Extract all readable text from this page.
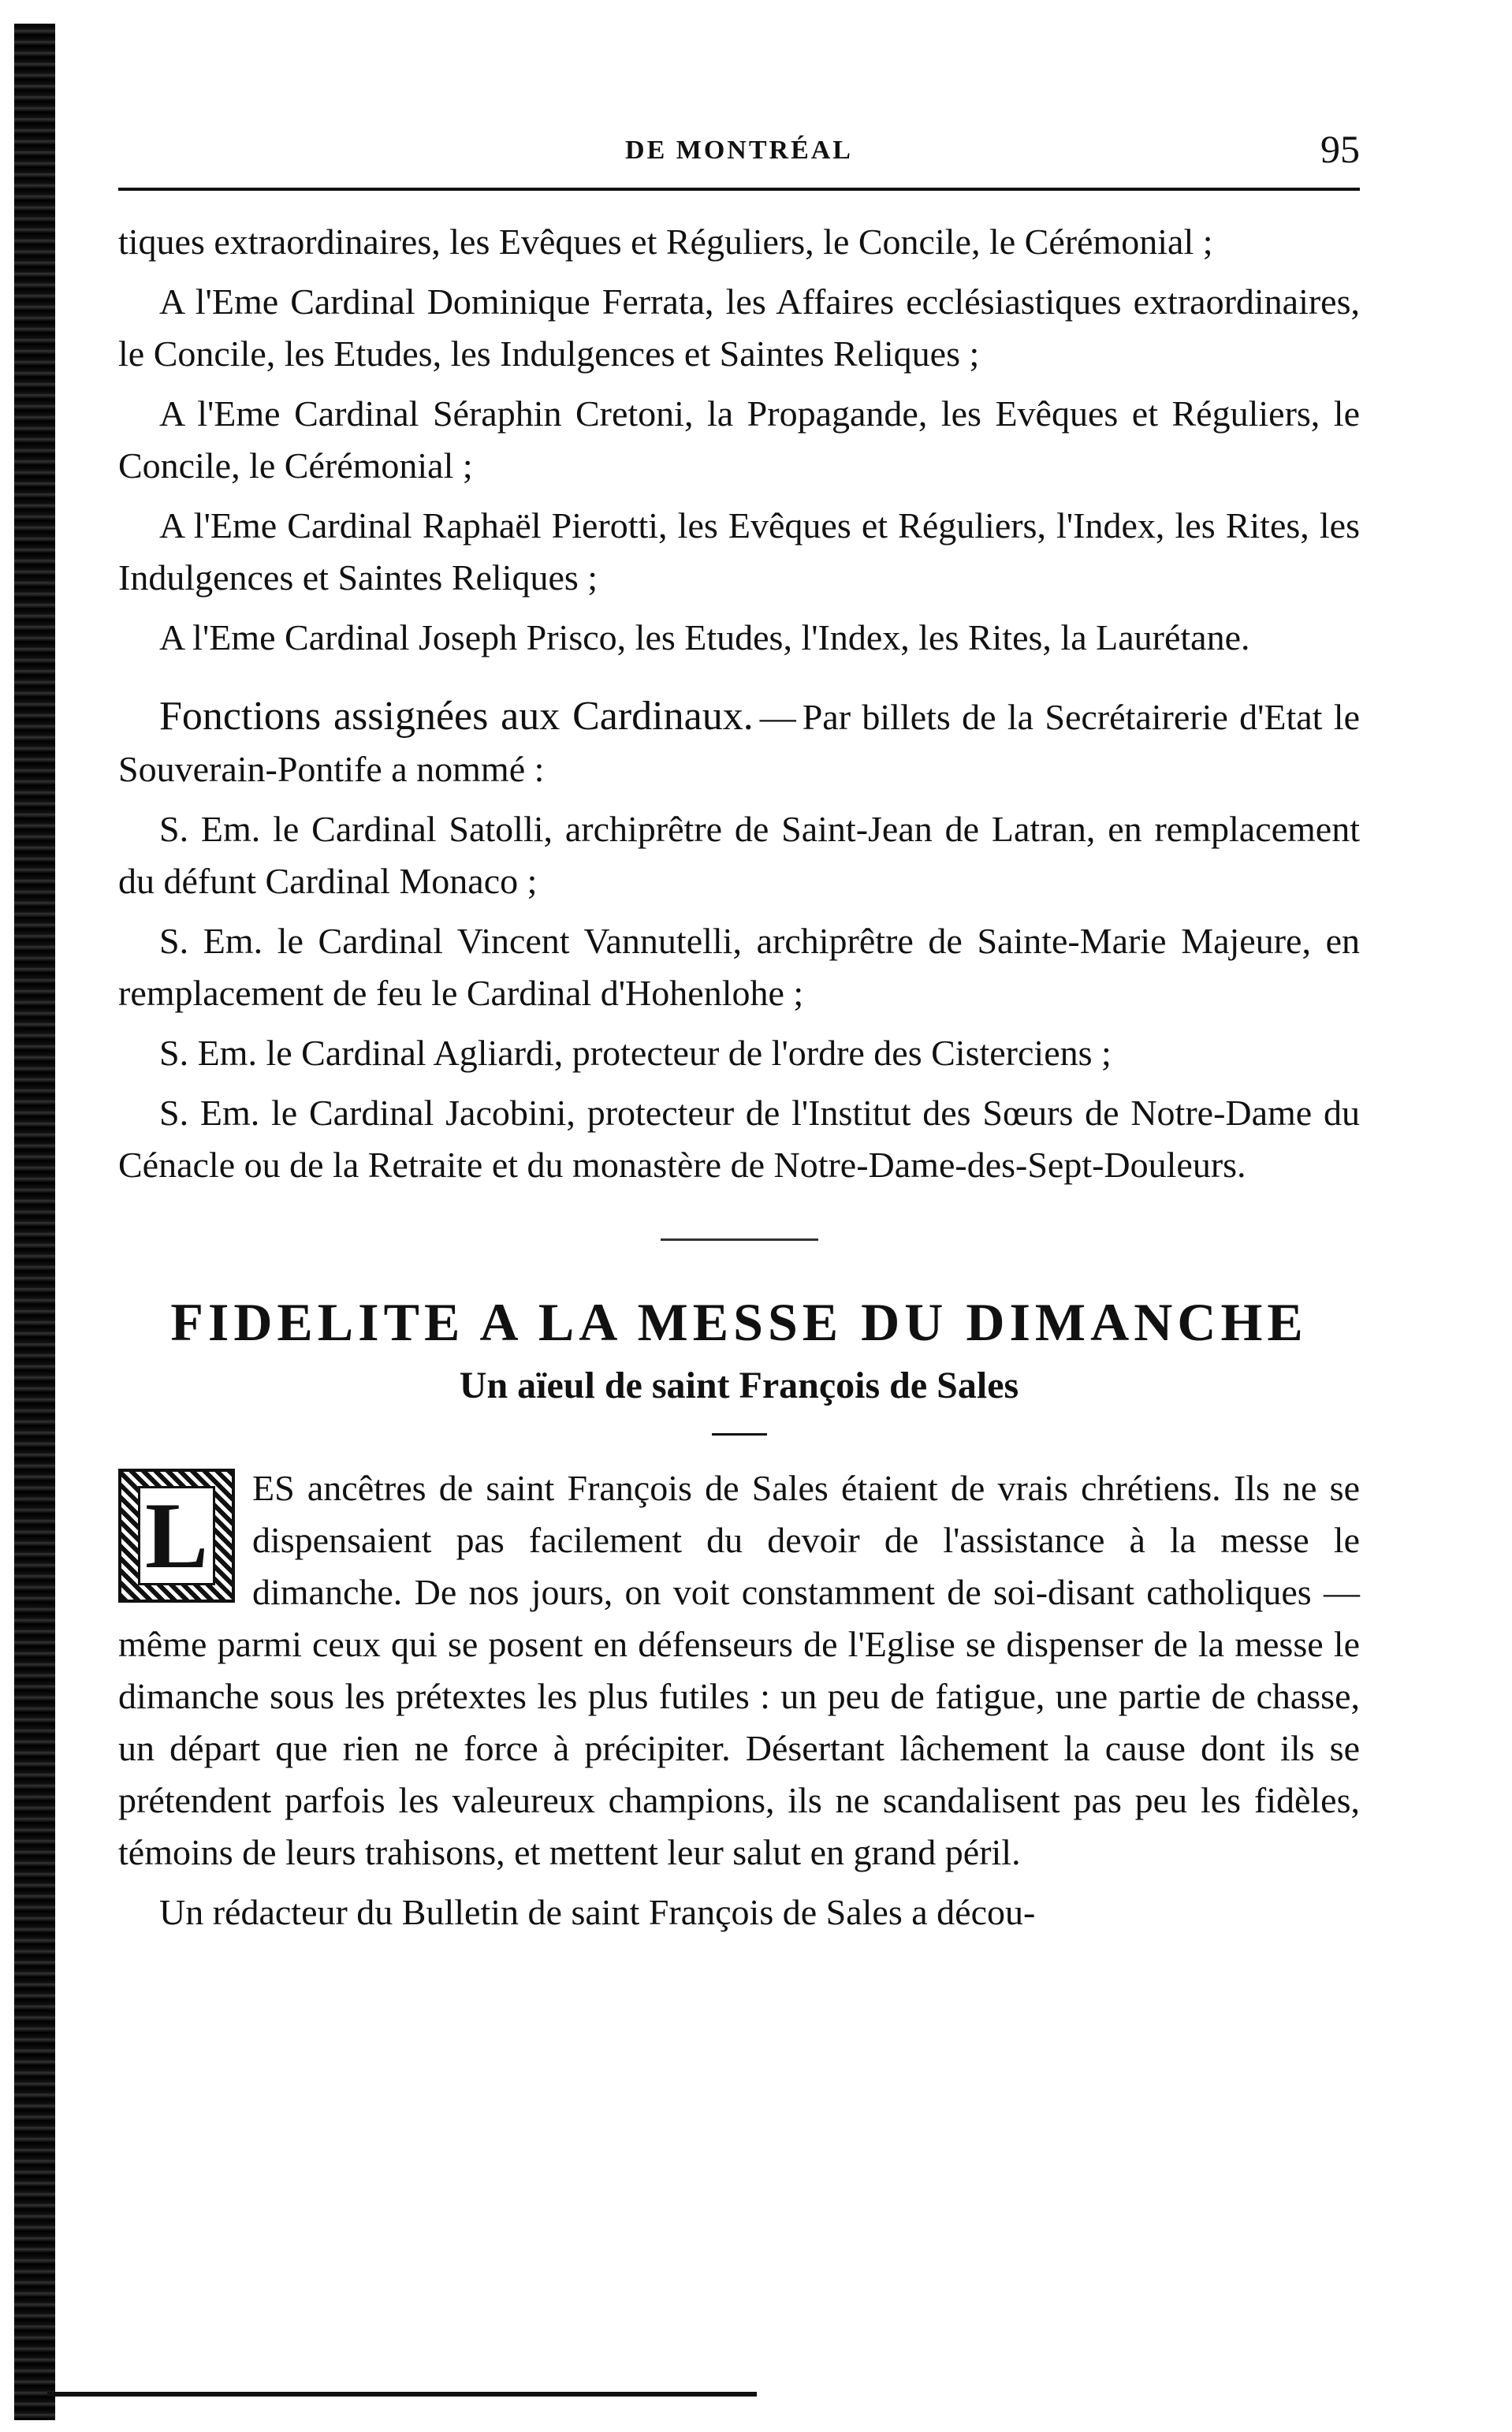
DE MONTRÉAL	95

tiques extraordinaires, les Evêques et Réguliers, le Concile, le Cérémonial ;

A l'Eme Cardinal Dominique Ferrata, les Affaires ecclésiastiques extraordinaires, le Concile, les Etudes, les Indulgences et Saintes Reliques ;

A l'Eme Cardinal Séraphin Cretoni, la Propagande, les Evêques et Réguliers, le Concile, le Cérémonial ;

A l'Eme Cardinal Raphaël Pierotti, les Evêques et Réguliers, l'Index, les Rites, les Indulgences et Saintes Reliques ;

A l'Eme Cardinal Joseph Prisco, les Etudes, l'Index, les Rites, la Laurétane.

Fonctions assignées aux Cardinaux. — Par billets de la Secrétairerie d'Etat le Souverain-Pontife a nommé :

S. Em. le Cardinal Satolli, archiprêtre de Saint-Jean de Latran, en remplacement du défunt Cardinal Monaco ;

S. Em. le Cardinal Vincent Vannutelli, archiprêtre de Sainte-Marie Majeure, en remplacement de feu le Cardinal d'Hohenlohe ;

S. Em. le Cardinal Agliardi, protecteur de l'ordre des Cisterciens ;

S. Em. le Cardinal Jacobini, protecteur de l'Institut des Sœurs de Notre-Dame du Cénacle ou de la Retraite et du monastère de Notre-Dame-des-Sept-Douleurs.

FIDELITE A LA MESSE DU DIMANCHE
Un aïeul de saint François de Sales
L	ES ancêtres de saint François de Sales étaient de vrais chrétiens. Ils ne se dispensaient pas facilement du devoir de l'assistance à la messe le dimanche. De nos jours, on voit constamment de soi-disant catholiques — même parmi ceux qui se posent en défenseurs de l'Eglise se dispenser de la messe le dimanche sous les prétextes les plus futiles : un peu de fatigue, une partie de chasse, un départ que rien ne force à précipiter. Désertant lâchement la cause dont ils se prétendent parfois les valeureux champions, ils ne scandalisent pas peu les fidèles, témoins de leurs trahisons, et mettent leur salut en grand péril.

Un rédacteur du Bulletin de saint François de Sales a décou-
